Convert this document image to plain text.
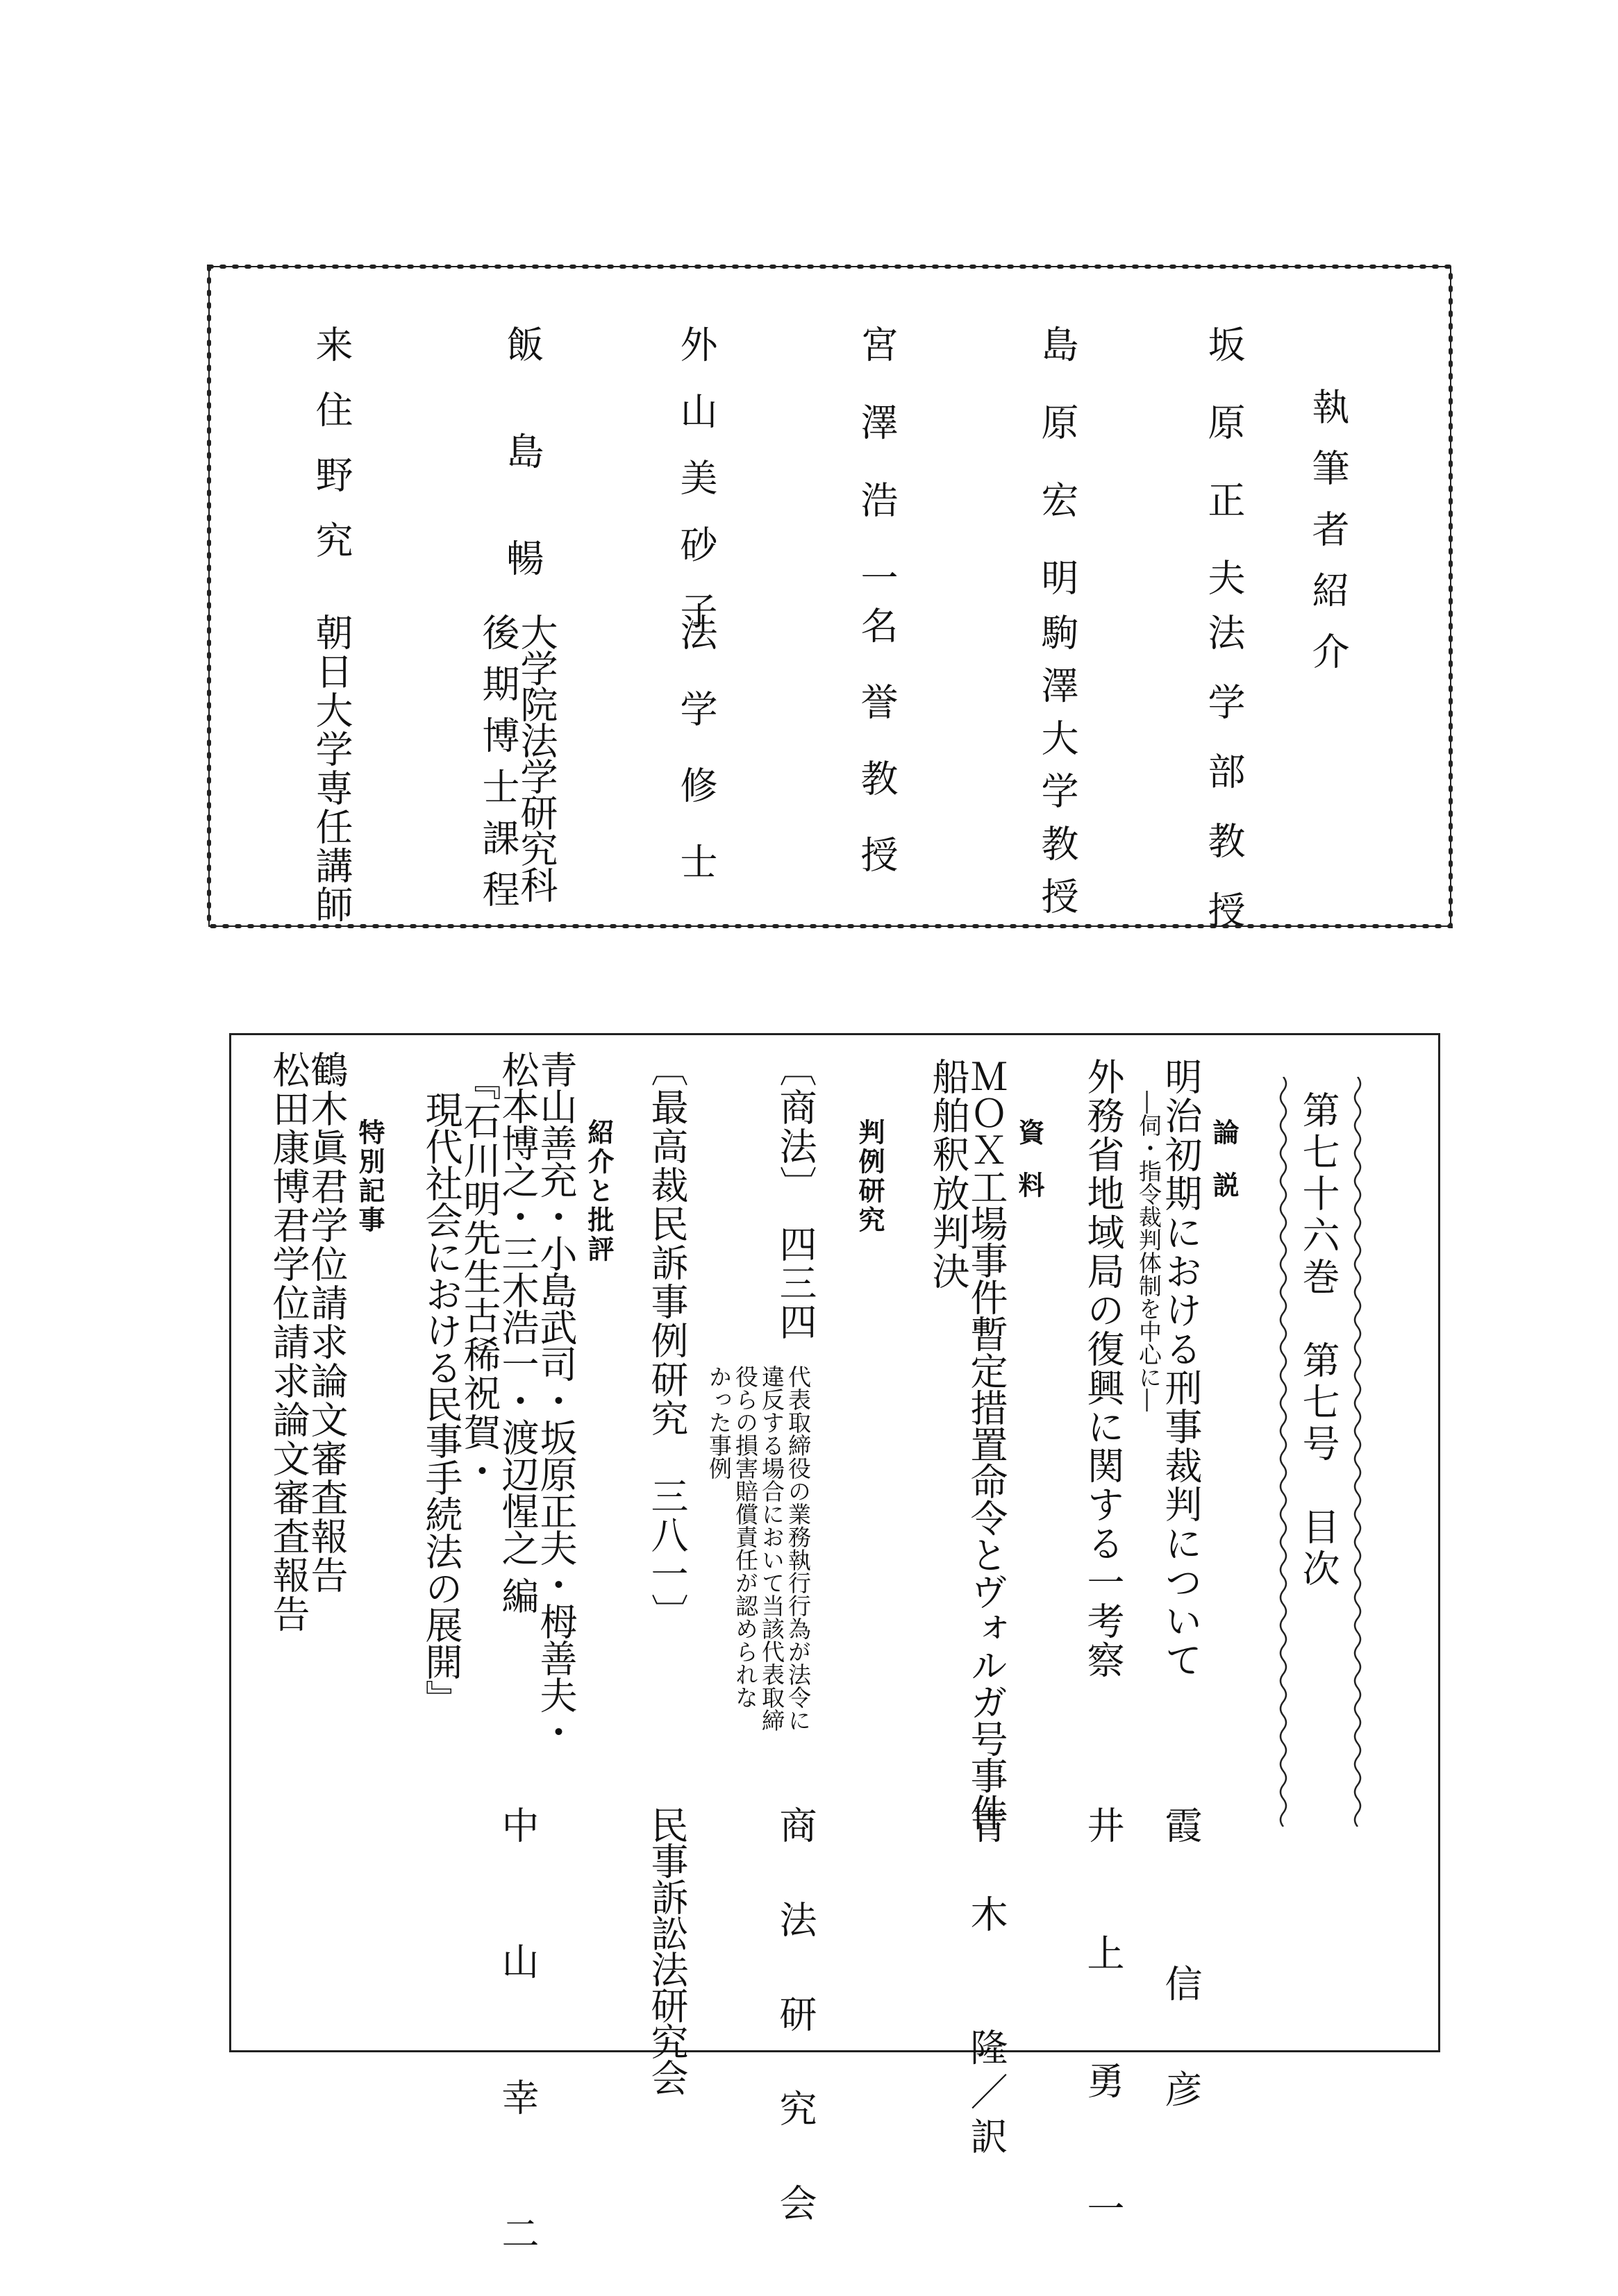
執筆者紹介
坂原正夫
法学部教授
島原宏明
駒澤大学教授
宮澤浩一
名誉教授
外山美砂子
法学修士
飯島暢
大学院法学研究科
後期博士課程
来住野究
朝日大学専任講師
第七十六巻　第七号　目次
論　説
明治初期における刑事裁判について
―伺・指令裁判体制を中心に―
霞　　信　彦
外務省地域局の復興に関する一考察
井　上　勇　一
資　料
ＭＯＸ工場事件暫定措置命令とヴォルガ号事件
船舶釈放判決
青　木　　隆／訳
判例研究
〔商法〕　四三四
代表取締役の業務執行行為が法令に
違反する場合において当該代表取締
役らの損害賠償責任が認められな
かった事例
商　法　研　究　会
〔最高裁民訴事例研究　三八一〕
民事訴訟法研究会
紹介と批評
青山善充・小島武司・坂原正夫・栂善夫・
松本博之・三木浩一・渡辺惺之 編
『石川明先生古稀祝賀・
現代社会における民事手続法の展開』
中　山　幸　二
特別記事
鶴木眞君学位請求論文審査報告
松田康博君学位請求論文審査報告
